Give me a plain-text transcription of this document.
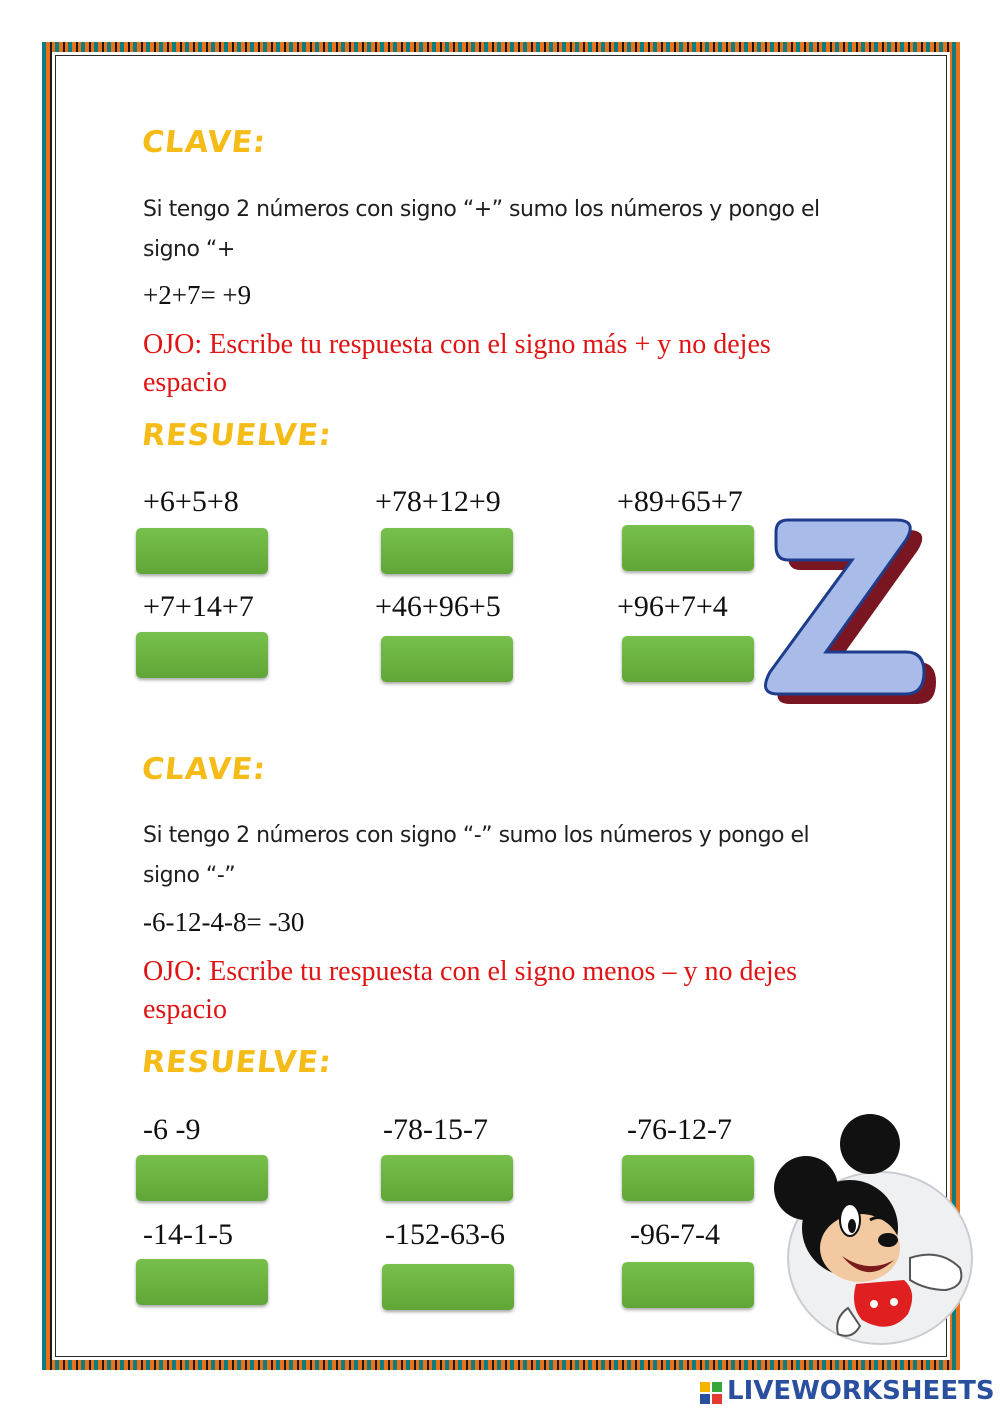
CLAVE:
Si tengo 2 números con signo “+” sumo los números y pongo el
signo “+
+2+7= +9
OJO: Escribe tu respuesta con el signo más + y no dejes
espacio
RESUELVE:
+6+5+8	+78+12+9	+89+65+7
+7+14+7	+46+96+5	+96+7+4
CLAVE:
Si tengo 2 números con signo “-” sumo los números y pongo el
signo “-”
-6-12-4-8= -30
OJO: Escribe tu respuesta con el signo menos – y no dejes
espacio
RESUELVE:
-6 -9	-78-15-7	-76-12-7
-14-1-5	-152-63-6	-96-7-4
LIVEWORKSHEETS
